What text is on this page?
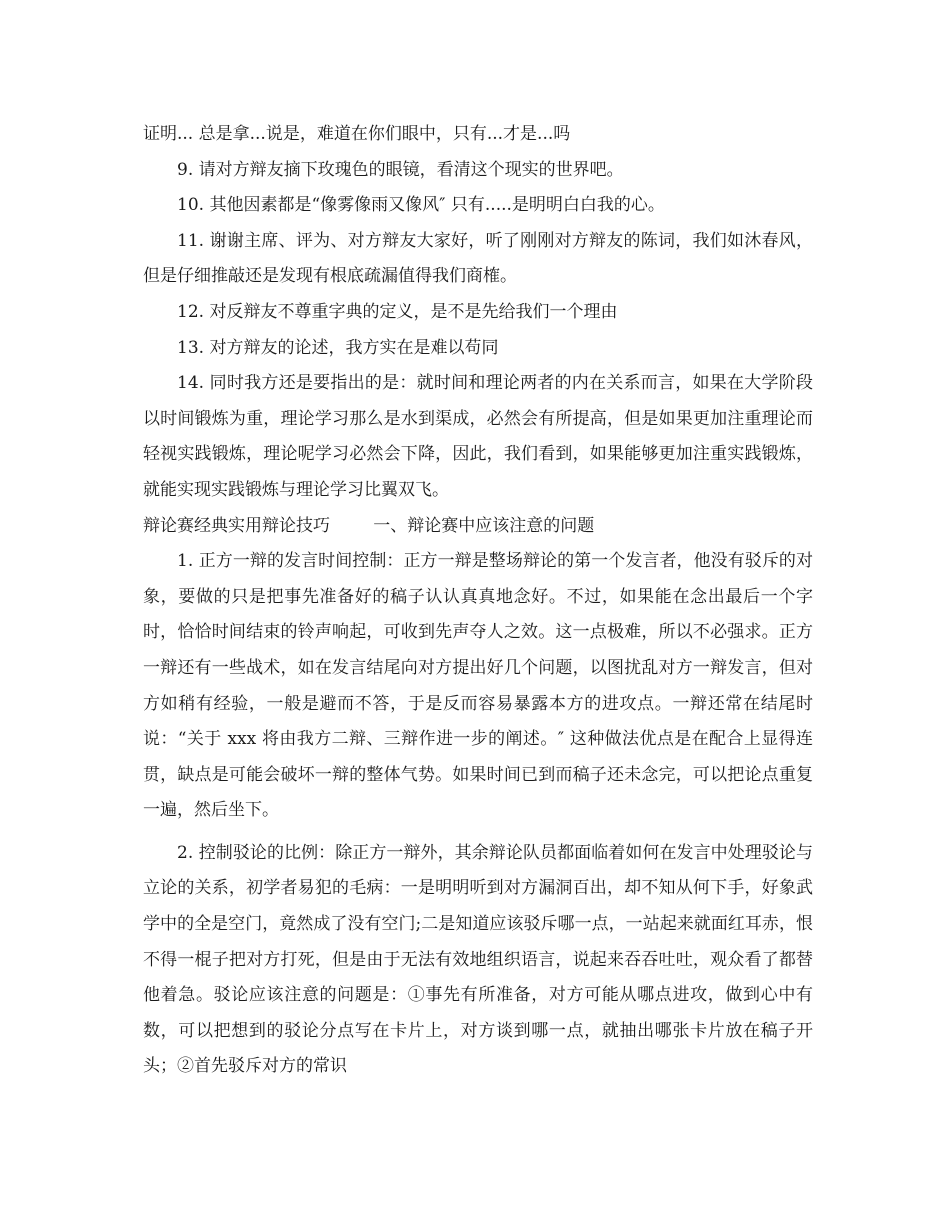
证明... 总是拿...说是，难道在你们眼中，只有...才是...吗

9. 请对方辩友摘下玫瑰色的眼镜，看清这个现实的世界吧。

10. 其他因素都是“像雾像雨又像风″ 只有.....是明明白白我的心。

11. 谢谢主席、评为、对方辩友大家好，听了刚刚对方辩友的陈词，我们如沐春风，但是仔细推敲还是发现有根底疏漏值得我们商榷。

12. 对反辩友不尊重字典的定义，是不是先给我们一个理由

13. 对方辩友的论述，我方实在是难以苟同

14. 同时我方还是要指出的是：就时间和理论两者的内在关系而言，如果在大学阶段以时间锻炼为重，理论学习那么是水到渠成，必然会有所提高，但是如果更加注重理论而轻视实践锻炼，理论呢学习必然会下降，因此，我们看到，如果能够更加注重实践锻炼，就能实现实践锻炼与理论学习比翼双飞。

辩论赛经典实用辩论技巧        一、辩论赛中应该注意的问题

1. 正方一辩的发言时间控制：正方一辩是整场辩论的第一个发言者，他没有驳斥的对象，要做的只是把事先准备好的稿子认认真真地念好。不过，如果能在念出最后一个字时，恰恰时间结束的铃声响起，可收到先声夺人之效。这一点极难，所以不必强求。正方一辩还有一些战术，如在发言结尾向对方提出好几个问题，以图扰乱对方一辩发言，但对方如稍有经验，一般是避而不答，于是反而容易暴露本方的进攻点。一辩还常在结尾时说：“关于 xxx 将由我方二辩、三辩作进一步的阐述。″ 这种做法优点是在配合上显得连贯，缺点是可能会破坏一辩的整体气势。如果时间已到而稿子还未念完，可以把论点重复一遍，然后坐下。

2. 控制驳论的比例：除正方一辩外，其余辩论队员都面临着如何在发言中处理驳论与立论的关系，初学者易犯的毛病：一是明明听到对方漏洞百出，却不知从何下手，好象武学中的全是空门，竟然成了没有空门;二是知道应该驳斥哪一点，一站起来就面红耳赤，恨不得一棍子把对方打死，但是由于无法有效地组织语言，说起来吞吞吐吐，观众看了都替他着急。驳论应该注意的问题是：①事先有所准备，对方可能从哪点进攻，做到心中有数，可以把想到的驳论分点写在卡片上，对方谈到哪一点，就抽出哪张卡片放在稿子开头；②首先驳斥对方的常识
